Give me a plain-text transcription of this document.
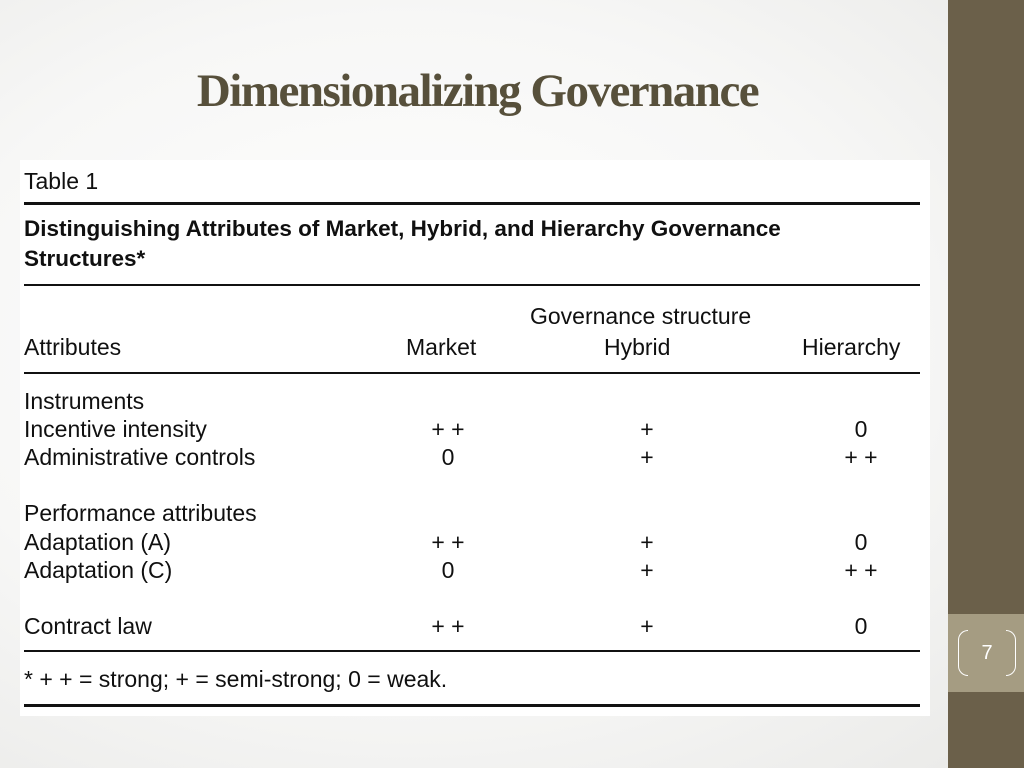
7
Dimensionalizing Governance
Table 1
Distinguishing Attributes of Market, Hybrid, and Hierarchy Governance
Structures*
Governance structure
Attributes	Market	Hybrid	Hierarchy
Instruments
Incentive intensity	+ +	+	0
Administrative controls	0	+	+ +
Performance attributes
Adaptation (A)	+ +	+	0
Adaptation (C)	0	+	+ +
Contract law	+ +	+	0
* + + = strong; + = semi-strong; 0 = weak.
